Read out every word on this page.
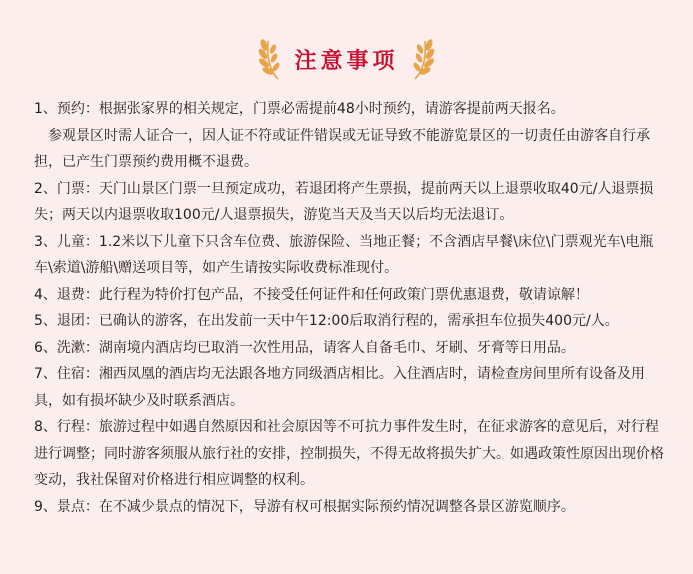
注意事项

1、预约：根据张家界的相关规定，门票必需提前48小时预约，请游客提前两天报名。

　参观景区时需人证合一，因人证不符或证件错误或无证导致不能游览景区的一切责任由游客自行承担，已产生门票预约费用概不退费。

2、门票：天门山景区门票一旦预定成功，若退团将产生票损，提前两天以上退票收取40元/人退票损失；两天以内退票收取100元/人退票损失，游览当天及当天以后均无法退订。

3、儿童：1.2米以下儿童下只含车位费、旅游保险、当地正餐；不含酒店早餐\床位\门票观光车\电瓶车\索道\游船\赠送项目等，如产生请按实际收费标准现付。

4、退费：此行程为特价打包产品，不接受任何证件和任何政策门票优惠退费，敬请谅解！

5、退团：已确认的游客，在出发前一天中午12:00后取消行程的，需承担车位损失400元/人。

6、洗漱：湖南境内酒店均已取消一次性用品，请客人自备毛巾、牙刷、牙膏等日用品。

7、住宿：湘西凤凰的酒店均无法跟各地方同级酒店相比。入住酒店时，请检查房间里所有设备及用具，如有损坏缺少及时联系酒店。

8、行程：旅游过程中如遇自然原因和社会原因等不可抗力事件发生时，在征求游客的意见后，对行程进行调整；同时游客须服从旅行社的安排，控制损失，不得无故将损失扩大。如遇政策性原因出现价格变动，我社保留对价格进行相应调整的权利。

9、景点：在不减少景点的情况下，导游有权可根据实际预约情况调整各景区游览顺序。
